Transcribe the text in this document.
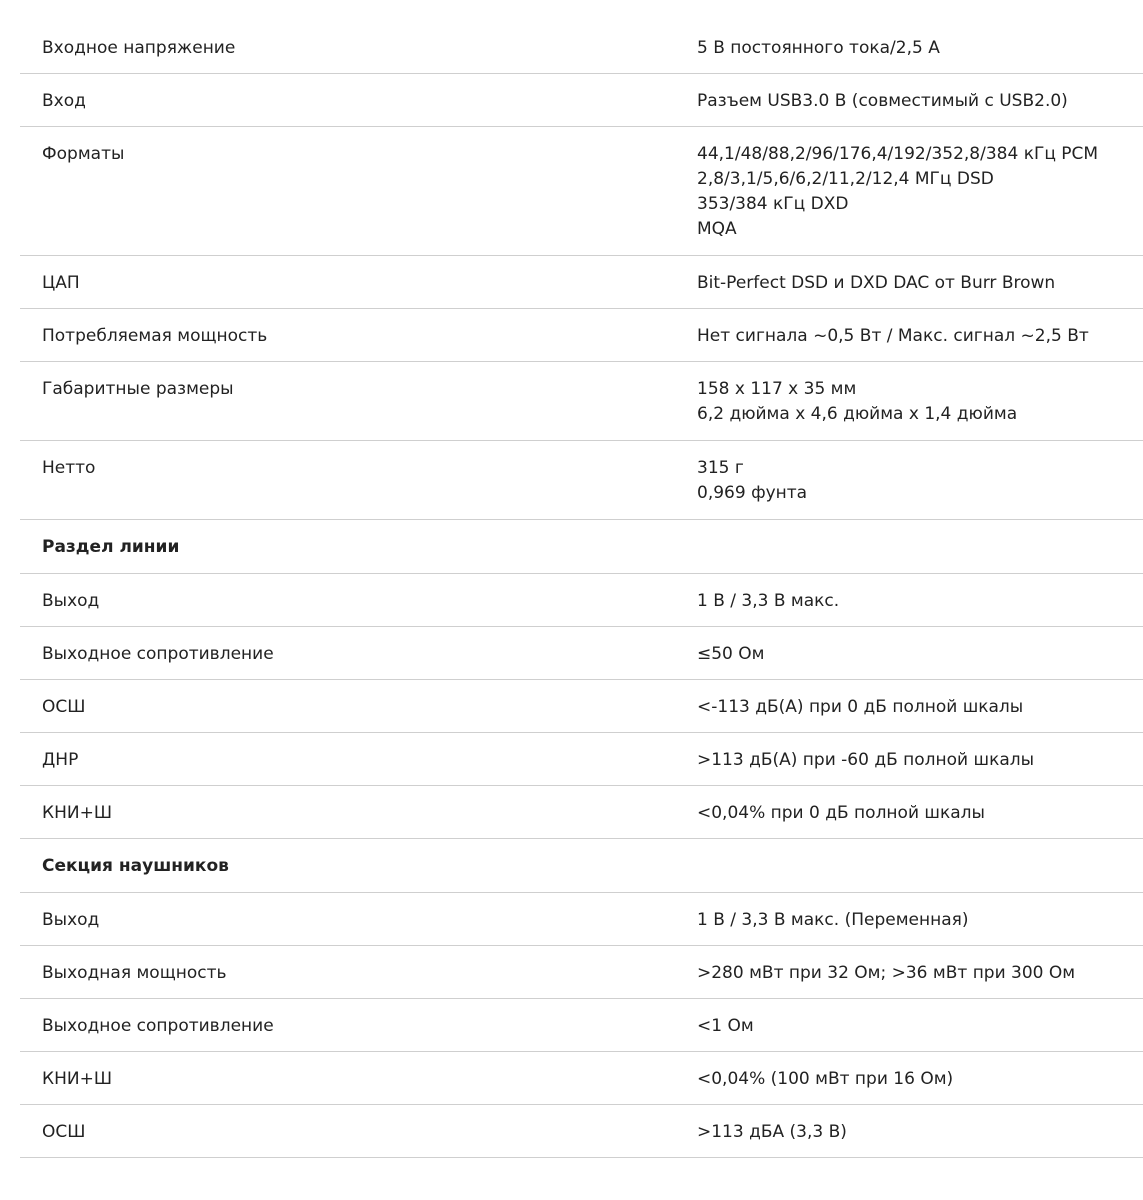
Входное напряжение	5 В постоянного тока/2,5 А
Вход	Разъем USB3.0 В (совместимый с USB2.0)
Форматы	44,1/48/88,2/96/176,4/192/352,8/384 кГц PCM
2,8/3,1/5,6/6,2/11,2/12,4 МГц DSD
353/384 кГц DXD
MQA
ЦАП	Bit-Perfect DSD и DXD DAC от Burr Brown
Потребляемая мощность	Нет сигнала ~0,5 Вт / Макс. сигнал ~2,5 Вт
Габаритные размеры	158 x 117 x 35 мм
6,2 дюйма x 4,6 дюйма x 1,4 дюйма
Нетто	315 г
0,969 фунта
Раздел линии
Выход	1 В / 3,3 В макс.
Выходное сопротивление	≤50 Ом
ОСШ	<-113 дБ(А) при 0 дБ полной шкалы
ДНР	>113 дБ(А) при -60 дБ полной шкалы
КНИ+Ш	<0,04% при 0 дБ полной шкалы
Секция наушников
Выход	1 В / 3,3 В макс. (Переменная)
Выходная мощность	>280 мВт при 32 Ом; >36 мВт при 300 Ом
Выходное сопротивление	<1 Ом
КНИ+Ш	<0,04% (100 мВт при 16 Ом)
ОСШ	>113 дБА (3,3 В)
